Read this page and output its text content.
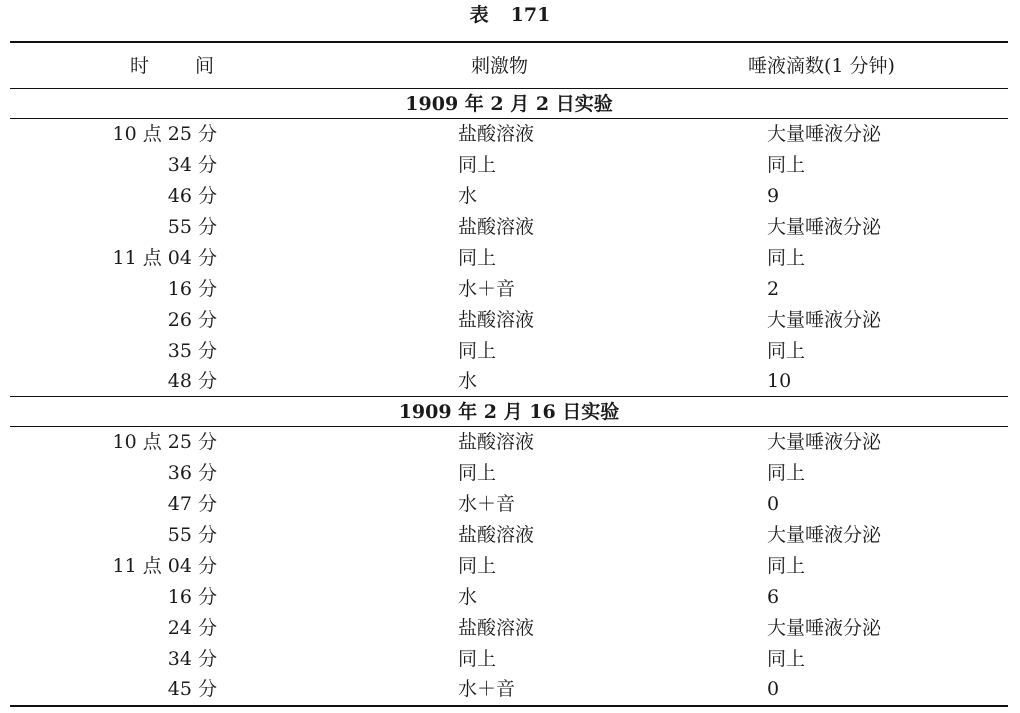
表 171
时间	刺激物	唾液滴数(1 分钟)
1909 年 2 月 2 日实验
10 点 25 分	盐酸溶液	大量唾液分泌
34 分	同上	同上
46 分	水	9
55 分	盐酸溶液	大量唾液分泌
11 点 04 分	同上	同上
16 分	水＋音	2
26 分	盐酸溶液	大量唾液分泌
35 分	同上	同上
48 分	水	10
1909 年 2 月 16 日实验
10 点 25 分	盐酸溶液	大量唾液分泌
36 分	同上	同上
47 分	水＋音	0
55 分	盐酸溶液	大量唾液分泌
11 点 04 分	同上	同上
16 分	水	6
24 分	盐酸溶液	大量唾液分泌
34 分	同上	同上
45 分	水＋音	0
